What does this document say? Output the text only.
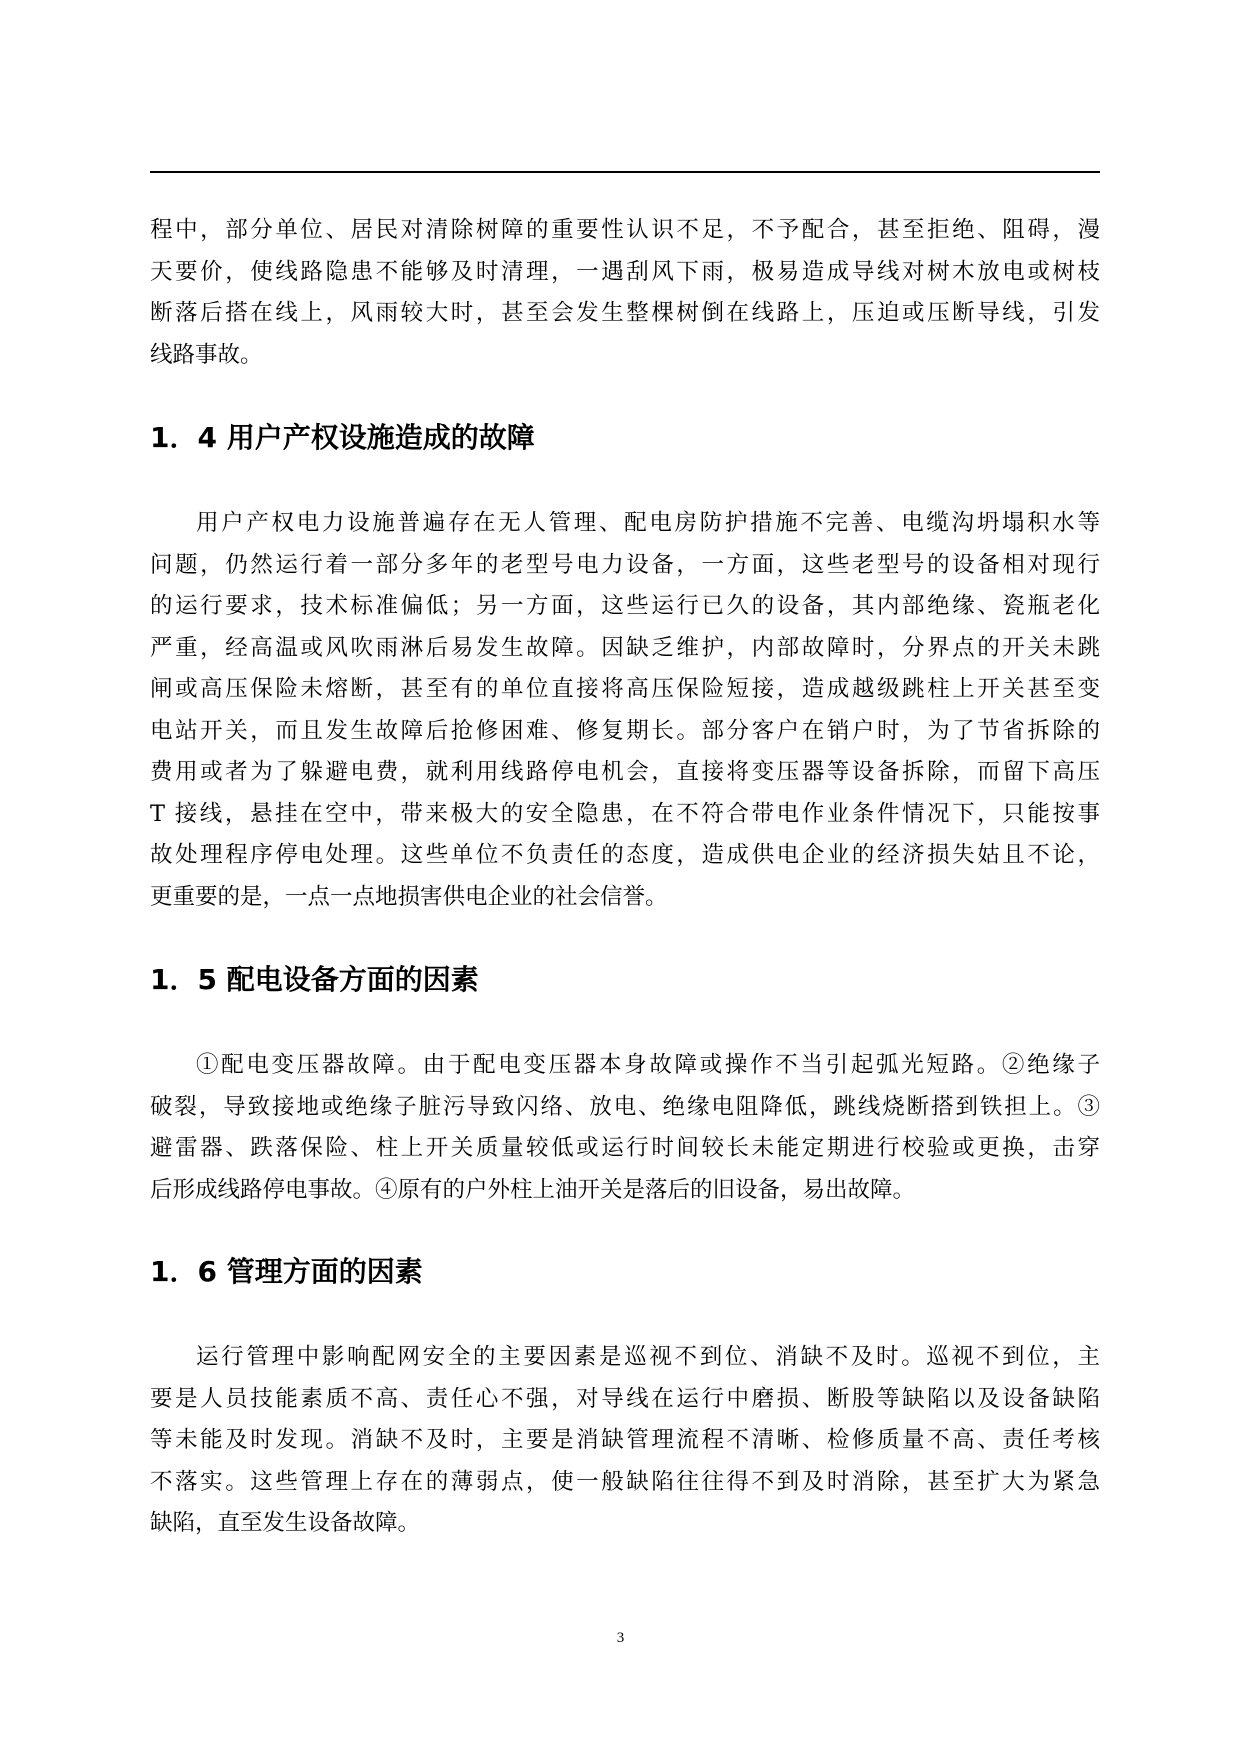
程中，部分单位、居民对清除树障的重要性认识不足，不予配合，甚至拒绝、阻碍，漫
天要价，使线路隐患不能够及时清理，一遇刮风下雨，极易造成导线对树木放电或树枝
断落后搭在线上，风雨较大时，甚至会发生整棵树倒在线路上，压迫或压断导线，引发
线路事故。
1．4 用户产权设施造成的故障
用户产权电力设施普遍存在无人管理、配电房防护措施不完善、电缆沟坍塌积水等
问题，仍然运行着一部分多年的老型号电力设备，一方面，这些老型号的设备相对现行
的运行要求，技术标准偏低；另一方面，这些运行已久的设备，其内部绝缘、瓷瓶老化
严重，经高温或风吹雨淋后易发生故障。因缺乏维护，内部故障时，分界点的开关未跳
闸或高压保险未熔断，甚至有的单位直接将高压保险短接，造成越级跳柱上开关甚至变
电站开关，而且发生故障后抢修困难、修复期长。部分客户在销户时，为了节省拆除的
费用或者为了躲避电费，就利用线路停电机会，直接将变压器等设备拆除，而留下高压
T 接线，悬挂在空中，带来极大的安全隐患，在不符合带电作业条件情况下，只能按事
故处理程序停电处理。这些单位不负责任的态度，造成供电企业的经济损失姑且不论，
更重要的是，一点一点地损害供电企业的社会信誉。
1．5 配电设备方面的因素
①配电变压器故障。由于配电变压器本身故障或操作不当引起弧光短路。②绝缘子
破裂，导致接地或绝缘子脏污导致闪络、放电、绝缘电阻降低，跳线烧断搭到铁担上。③
避雷器、跌落保险、柱上开关质量较低或运行时间较长未能定期进行校验或更换，击穿
后形成线路停电事故。④原有的户外柱上油开关是落后的旧设备，易出故障。
1．6 管理方面的因素
运行管理中影响配网安全的主要因素是巡视不到位、消缺不及时。巡视不到位，主
要是人员技能素质不高、责任心不强，对导线在运行中磨损、断股等缺陷以及设备缺陷
等未能及时发现。消缺不及时，主要是消缺管理流程不清晰、检修质量不高、责任考核
不落实。这些管理上存在的薄弱点，使一般缺陷往往得不到及时消除，甚至扩大为紧急
缺陷，直至发生设备故障。
3
